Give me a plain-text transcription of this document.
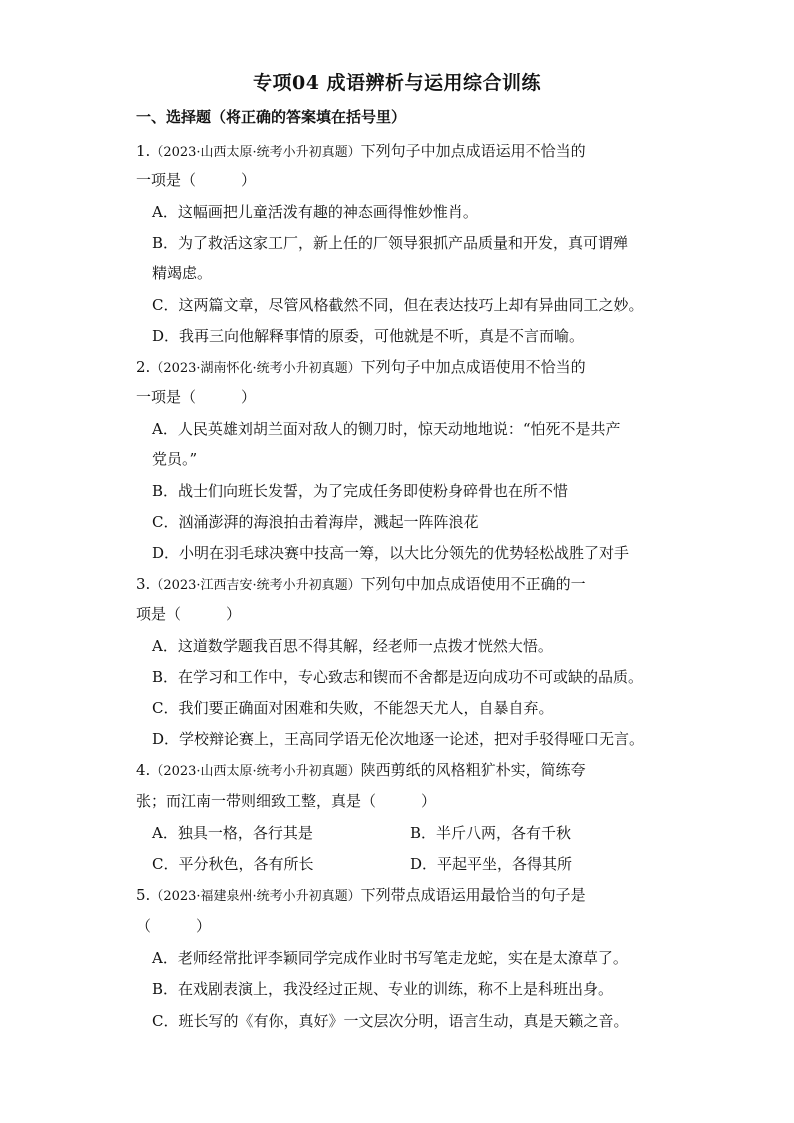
专项04 成语辨析与运用综合训练
一、选择题（将正确的答案填在括号里）
1.（2023·山西太原·统考小升初真题）下列句子中加点成语运用不恰当的
一项是（　　　）
A．这幅画把儿童活泼有趣的神态画得惟妙惟肖。
B．为了救活这家工厂，新上任的厂领导狠抓产品质量和开发，真可谓殚
精竭虑。
C．这两篇文章，尽管风格截然不同，但在表达技巧上却有异曲同工之妙。
D．我再三向他解释事情的原委，可他就是不听，真是不言而喻。
2.（2023·湖南怀化·统考小升初真题）下列句子中加点成语使用不恰当的
一项是（　　　）
A．人民英雄刘胡兰面对敌人的铡刀时，惊天动地地说：“怕死不是共产
党员。”
B．战士们向班长发誓，为了完成任务即使粉身碎骨也在所不惜
C．汹涌澎湃的海浪拍击着海岸，溅起一阵阵浪花
D．小明在羽毛球决赛中技高一筹，以大比分领先的优势轻松战胜了对手
3.（2023·江西吉安·统考小升初真题）下列句中加点成语使用不正确的一
项是（　　　）
A．这道数学题我百思不得其解，经老师一点拨才恍然大悟。
B．在学习和工作中，专心致志和锲而不舍都是迈向成功不可或缺的品质。
C．我们要正确面对困难和失败，不能怨天尤人，自暴自弃。
D．学校辩论赛上，王高同学语无伦次地逐一论述，把对手驳得哑口无言。
4.（2023·山西太原·统考小升初真题）陕西剪纸的风格粗犷朴实，简练夸
张；而江南一带则细致工整，真是（　　　）
A．独具一格，各行其是	B．半斤八两，各有千秋
C．平分秋色，各有所长	D．平起平坐，各得其所
5.（2023·福建泉州·统考小升初真题）下列带点成语运用最恰当的句子是
（　　　）
A．老师经常批评李颖同学完成作业时书写笔走龙蛇，实在是太潦草了。
B．在戏剧表演上，我没经过正规、专业的训练，称不上是科班出身。
C．班长写的《有你，真好》一文层次分明，语言生动，真是天籁之音。
